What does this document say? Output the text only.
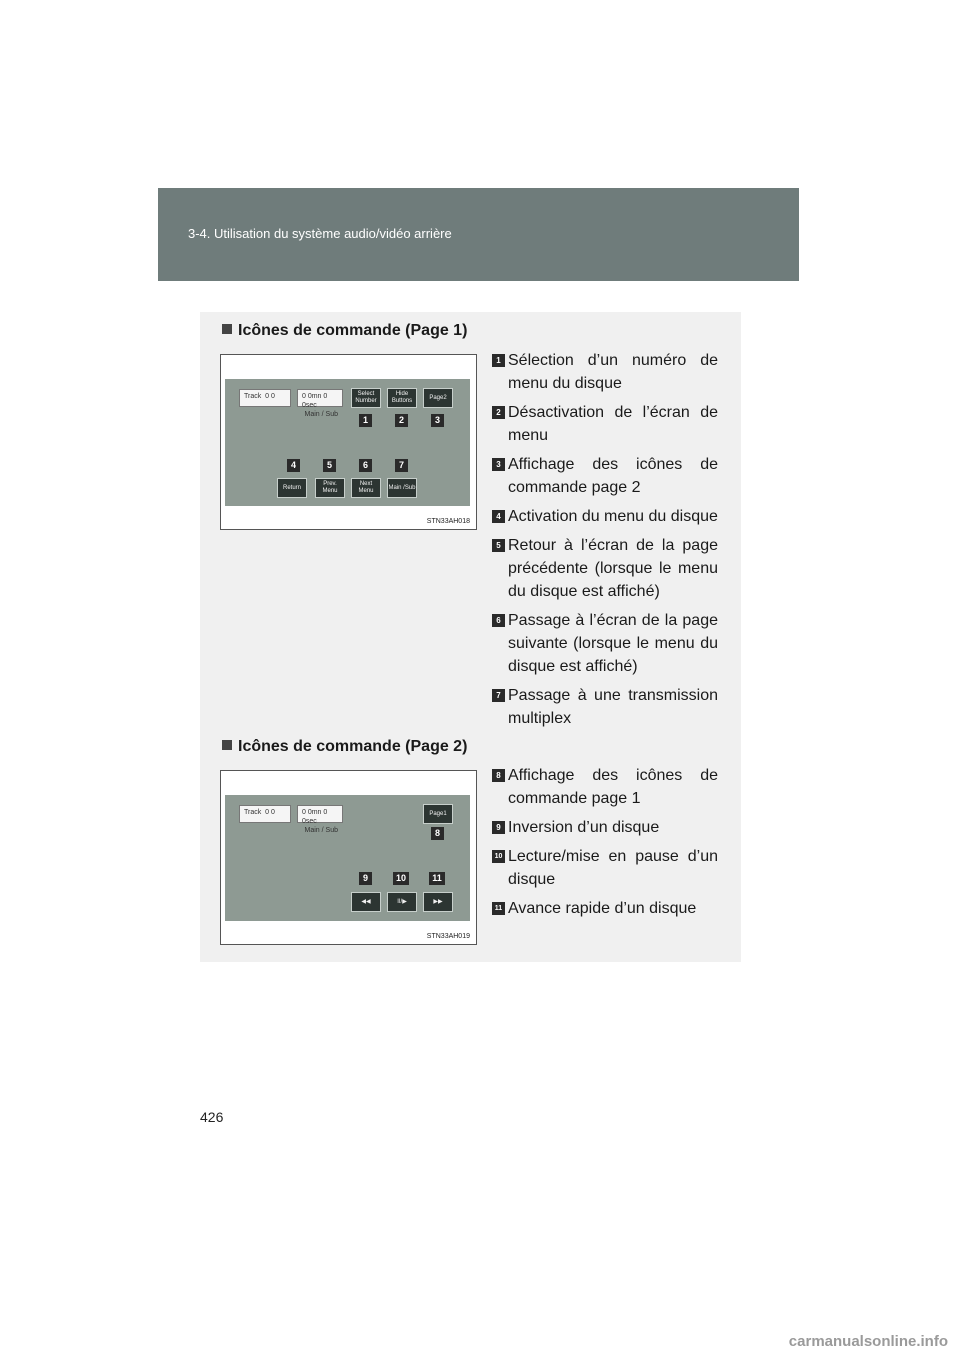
3-4. Utilisation du système audio/vidéo arrière
Icônes de commande (Page 1)
Track 0 0	0 0mn 0 0sec
Main / Sub
Select Number
Hide Buttons
Page2
Return
Prev. Menu
Next Menu
Main /Sub
1	2	3
4	5	6	7
STN33AH018
1 Sélection d’un numéro de menu du disque
2 Désactivation de l’écran de menu
3 Affichage des icônes de commande page 2
4 Activation du menu du disque
5 Retour à l’écran de la page précédente (lorsque le menu du disque est affiché)
6 Passage à l’écran de la page suivante (lorsque le menu du disque est affiché)
7 Passage à une transmission multiplex
Icônes de commande (Page 2)
Track 0 0	0 0mn 0 0sec
Main / Sub
Page1
◀◀	II/▶	▶▶
8
9	10	11
STN33AH019
8 Affichage des icônes de commande page 1
9 Inversion d’un disque
10 Lecture/mise en pause d’un disque
11 Avance rapide d’un disque
426
carmanualsonline.info
